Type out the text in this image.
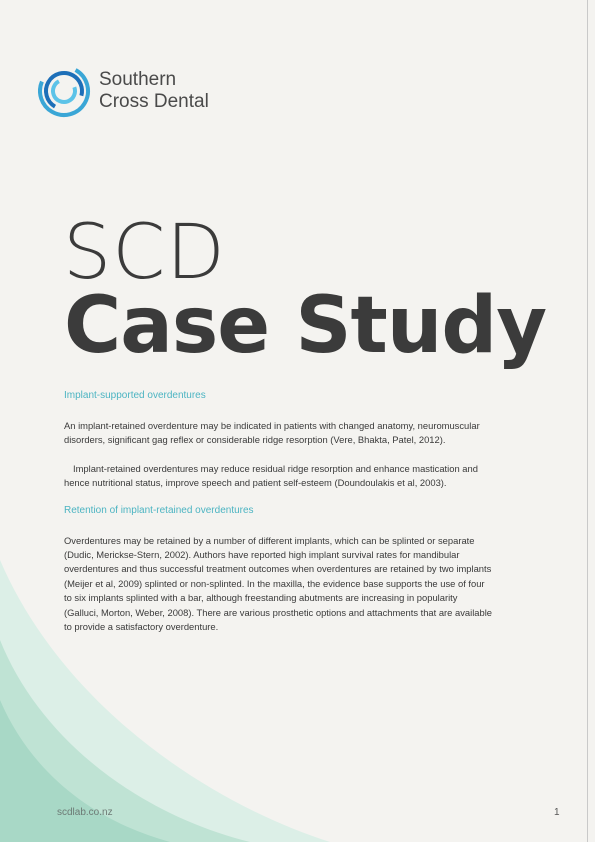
Southern
Cross Dental
SCD
Case Study

Implant-supported overdentures

An implant-retained overdenture may be indicated in patients with changed anatomy, neuromuscular disorders, significant gag reflex or considerable ridge resorption (Vere, Bhakta, Patel, 2012).

Implant-retained overdentures may reduce residual ridge resorption and enhance mastication and hence nutritional status, improve speech and patient self-esteem (Doundoulakis et al, 2003).

Retention of implant-retained overdentures

Overdentures may be retained by a number of different implants, which can be splinted or separate (Dudic, Merickse-Stern, 2002). Authors have reported high implant survival rates for mandibular overdentures and thus successful treatment outcomes when overdentures are retained by two implants (Meijer et al, 2009) splinted or non-splinted. In the maxilla, the evidence base supports the use of four to six implants splinted with a bar, although freestanding abutments are increasing in popularity (Galluci, Morton, Weber, 2008). There are various prosthetic options and attachments that are available to provide a satisfactory overdenture.

scdlab.co.nz	1
